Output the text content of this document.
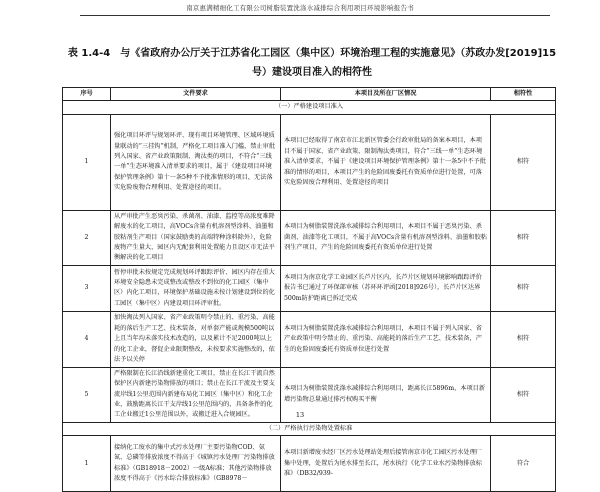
南京惠满精细化工有限公司树脂装置洗涤水减排综合利用项目环境影响报告书
表 1.4-4　与《省政府办公厅关于江苏省化工园区（集中区）环境治理工程的实施意见》（苏政办发[2019]15 号）建设项目准入的相符性
序号	文件要求	本项目及所在厂区情况	相符性
（一）严格建设项目准入			
1	强化项目环评与规划环评、现有项目环境管理、区域环境质量联动的“三挂钩”机制，严格化工项目准入门槛，禁止审批列入国家、省产业政策限制、淘汰类的项目，不符合“三线一单”生态环境准入清单要求的项目，属于《建设项目环境保护管理条例》第十一条5种不予批准情形的项目，无法落实危险废物合理利用、处置途径的项目。	本项目已经取得了南京市江北新区管委会行政审批局的备案本项目，本项目不属于国家、省产业政策、限制淘汰类项目，符合“三线一单”生态环境准入清单要求，不属于《建设项目环境保护管理条例》第十一条5中不予批准的情形的项目，本项目产生的危险固废委托有资质单位进行处置，可落实危险固废合理利用、处置途径的项目	相符
2	从严审批产生恶臭污染、杀菌剂、油漆、监控等高浓度难降解废水的化工项目，高VOCs含量有机溶剂型涂料、油墨和胶粘剂生产项目（国家鼓励类的高端特种涂料除外），危险废物产生量大、园区内无配套利用处置能力且设区市无法平衡解决的化工项目	本项目为树脂装置洗涤水减排综合利用项目，本项目不属于恶臭污染、杀菌剂、油漆等化工项目，不属于高VOCs含量有机溶剂型涂料、油墨和胶粘剂生产项目，产生的危险固废委托有资质单位进行处置	相符
3	暂停审批未按规定完成规划环评跟踪评价、园区内存在重大环境安全隐患未完成整改或整改不到位的化工园区（集中区）内化工项目，环境保护基础设施未按计划建设到位的化工园区（集中区）内建设项目环评审批。	本项目为南京化学工业园区长芦片区内，长芦片区规划环境影响跟踪评价报告书已通过了环保部审核（苏环环评函[2018]926号），长芦片区达界500m防护距离已拆迁完成	相符
4	加快淘汰列入国家、省产业政策明令禁止的、重污染、高能耗的落后生产工艺、技术装备，对单套产能或规模500吨以上且当年均未落实技术改造的，以及累计不足2000吨以上的化工企业，督促企业限期整改，未按要求实施整改的，依法予以关停	本项目为树脂装置洗涤水减排综合利用项目，本项目不属于列入国家、省产业政策中明令禁止的、重污染、高能耗的落后生产工艺、技术装备，产生的危险固废委托有资质单位进行处置	相符
5	严格限制在长江沿线新建重化工项目，禁止在长江干流自然保护区内新建污染物排放的项目；禁止在长江干流及主要支流岸线1公里范围内新建布局化工园区（集中区）和化工企业，鼓励距离长江干支岸线1公里范围内的，具备条件的化工企业搬迁1公里范围以外，或搬迁进入合规园区。	本项目为树脂装置洗涤水减排综合利用项目，距离长江5896m，本项目新增污染物总量通过排污权购买平衡	相符
（二）严格执行污染物处置标准			
1	接纳化工废水的集中式污水处理厂主要污染物COD、氨氮、总磷等排放浓度不得高于《城镇污水处理厂污染物排放标准》（GB18918－2002）一级A标准；其他污染物排放浓度不得高于《污水综合排放标准》（GB8978－	本项目新增废水经厂区污水处理站处理后接管南京市化工园区污水处理厂集中处理，处置后为尾水排至长江，尾水执行《化学工业水污染物排放标准》（DB32/939-	符合
13
